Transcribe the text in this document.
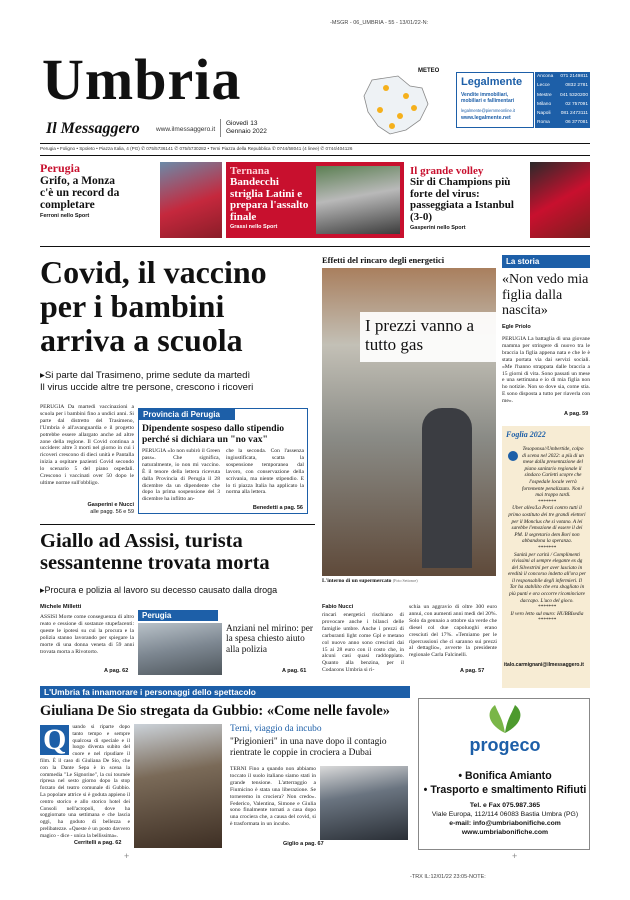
-MSGR - 06_UMBRIA - 55 - 13/01/22-N:
Umbria
Il Messaggero www.ilmessaggero.it
Giovedì 13
Gennaio 2022
METEO
Legalmente
Vendite immobiliari,
mobiliari e fallimentari
legalmente@piemmeonline.it
www.legalmente.net
Ancona 071 2149811
Lecce	0832 2781
Mestre 041 5320200
Milano	02 757091
Napoli 081 2473111
Roma	06 377081
Perugia • Foligno • Spoleto • Piazza Italia, 4 (PG) ✆ 075/5736141 ✆ 075/5730282 • Terni Piazza della Repubblica ✆ 0744/58041 (4 linee) ✆ 0744/404126
Perugia
Grifo, a Monza c'è un record da completare
Ferroni nello Sport
Ternana
Bandecchi striglia Latini e prepara l'assalto finale
Grassi nello Sport
Il grande volley
Sir di Champions più forte del virus: passeggiata a Istanbul (3-0)
Gasperini nello Sport
Covid, il vaccino per i bambini arriva a scuola
▸Si parte dal Trasimeno, prime sedute da martedì
Il virus uccide altre tre persone, crescono i ricoveri
PERUGIA Da martedì vaccinazioni a scuola per i bambini fino a undici anni. Si parte dal distretto del Trasimeno, l'Umbria è all'avanguardia e il progetto potrebbe essere allargato anche ad altre zone della regione. Il Covid continua a uccidere: altre 3 morti nel giorno in cui i ricoveri crescono di dieci unità e Pantalla inizia a ospitare pazienti Covid secondo lo scenario 5 del piano ospedali. Crescono i vaccinati over 50 dopo le ultime norme sull'obbligo.
Gasperini e Nucci
alle pagg. 56 e 59
Provincia di Perugia
Dipendente sospeso dallo stipendio perché si dichiara un "no vax"
PERUGIA «Io non subirò il Green pass». Che significa, naturalmente, io non mi vaccino. È il tenore della lettera ricevuta dalla Provincia di Perugia il 28 dicembre da un dipendente che dopo la prima sospensione del 3 dicembre ha inflitto an-
che la seconda. Con l'assenza ingiustificata, scatta la sospensione temporanea dal lavoro, con conservazione della scrivania, ma niente stipendio. E lo ti piazza Italia ha applicato la norma alla lettera.
Benedetti a pag. 56
Effetti del rincaro degli energetici
I prezzi vanno a tutto gas
L'interno di un supermercato (Foto Settonce)
Fabio Nucci
rincari energetici rischiano di provocare anche i bilanci delle famiglie umbre. Anche i prezzi di carburanti light come Gpl e metano col nuovo anno sono cresciuti dai 15 ai 28 euro con il costo che, in alcuni casi quasi raddoppiato. Quanto alla benzina, per il Codacons Umbria si ri-
schia un aggravio di oltre 300 euro annui, con aumenti anni medi del 20%. Solo da gennaio a ottobre sia verde che diesel col due capoluoghi erano cresciuti del 17%. «Temiamo per le ripercussioni che ci saranno sui prezzi al dettaglio», avverte la presidente regionale Carla Falcinelli.
A pag. 57
La storia
«Non vedo mia figlia dalla nascita»
Egle Priolo
PERUGIA La battaglia di una giovane mamma per stringere di nuovo tra le braccia la figlia appena nata e che le è stata portata via dai servizi sociali. «Me l'hanno strappata dalle braccia a 15 giorni di vita. Sono passati un mese e una settimana e io di mia figlia non ho notizie. Non so dove sia, come stia. E sono disposta a tutto per riaverla con me».
A pag. 59
Foglia 2022
Tesoponsa//Umbertide, colpo di scena nel 2022: a più di un mese dalla presentazione del piano sanitario regionale il sindaco Carletti scopre che l'ospedale locale verrà fortemente penalizzato. Non è mai troppo tardi.
*******
Uber alles/La Porzi contro tutti il primo sostituto dei tre grandi elettori per il Monclus che si votano. A lei sarebbe l'emozione di essere il dei PM. Il segretario dem Bori non abbandona la speranza.
*******
Sanità per carità / Complimenti vivissimi al sempre elegante ex dg del Silvestrini per aver lasciato in eredità il concorso indetto all'ora per il responsabile degli infermieri. Il Tar ha stabilito che era sbagliato in più punti e ora occorre ricominciare daccapo. L'uco del gioco.
*******
Il vero letto sul muro: HUBBIsedia
*******
italo.carmignani@ilmessaggero.it
Giallo ad Assisi, turista sessantenne trovata morta
▸Procura e polizia al lavoro su decesso causato dalla droga
Michele Milletti
ASSISI Morte come conseguenza di altro reato e cessione di sostanze stupefacenti: queste le ipotesi su cui la procura e la polizia stanno lavorando per spiegare la morte di una donna veneta di 59 anni trovata morta a Rivotorto.
A pag. 62
Perugia
Anziani nel mirino: per la spesa chiesto aiuto alla polizia
A pag. 61
L'Umbria fa innamorare i personaggi dello spettacolo
Giuliana De Sio stregata da Gubbio: «Come nelle favole»
Q	uando si riparte dopo tanto tempo e sempre qualcosa di speciale e il luogo diventa subito del cuore e nel ripudiare il film. È il caso di Giuliana De Sio, che con la Dante Sepa è in scena la commedia "Le Signorine", la cui tournée ripresa nel sesto giorno dopo la stop forzato del teatro comunale di Gubbio. La popolare attrice si è goduta appieno il centro storico e allo storico hotel dei Consoli nell'acropoli, dove ha soggiornato una settimana e che lascia oggi, ha goduto di bellezza e prelibatezze. «Queste è un posto davvero magico - dice - unica la bellissima».
Cerritelli a pag. 62
Terni, viaggio da incubo
"Prigionieri" in una nave dopo il contagio rientrate le coppie in crociera a Dubai
TERNI Fino a quando non abbiamo toccato il suolo italiano siamo stati in grande tensione. L'atterraggio a Fiumicino è stata una liberazione. Se torneremo in crociera? Non credo». Federico, Valentina, Simone e Giulia sono finalmente tornati a casa dopo una crociera che, a causa del covid, si è trasformata in un incubo.
Giglio a pag. 67
progeco
• Bonifica Amianto
• Trasporto e smaltimento Rifiuti
Tel. e Fax 075.987.365
Viale Europa, 112/114 06083 Bastia Umbra (PG)
e-mail: info@umbriabonifiche.com
www.umbriabonifiche.com
-TRX IL:12/01/22 23:05-NOTE:
+	+
